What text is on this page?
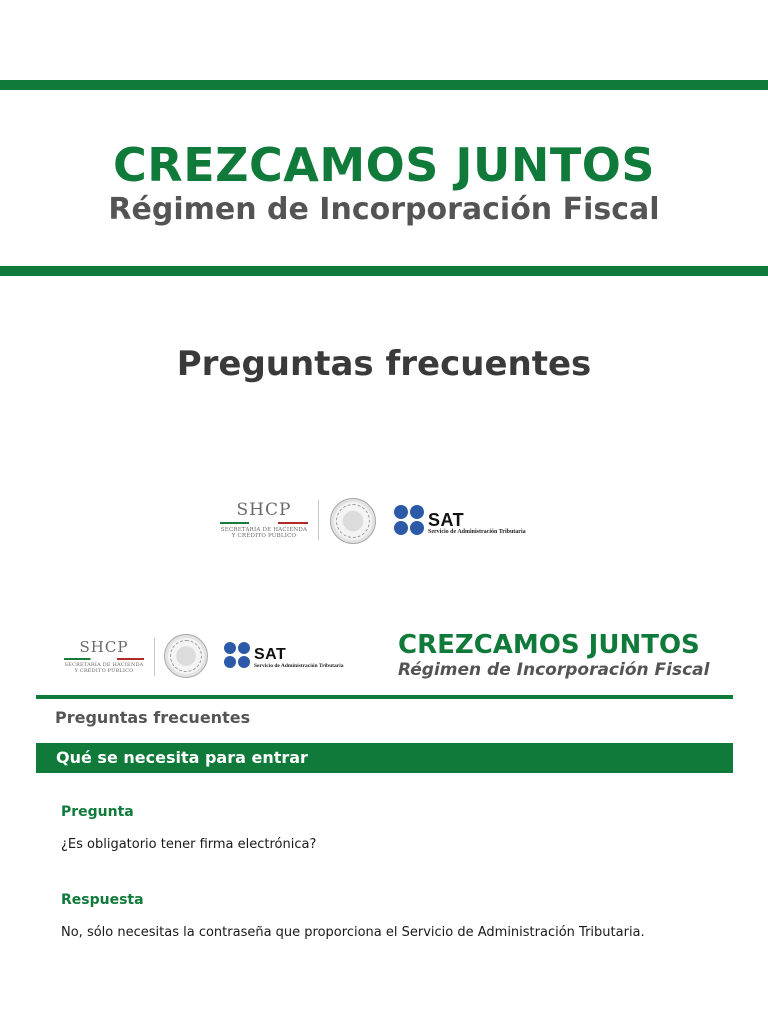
CREZCAMOS JUNTOS
Régimen de Incorporación Fiscal
Preguntas frecuentes
SHCP
SECRETARÍA DE HACIENDA
Y CRÉDITO PÚBLICO
SAT
Servicio de Administración Tributaria
SHCP
SECRETARÍA DE HACIENDA
Y CRÉDITO PÚBLICO
SAT
Servicio de Administración Tributaria
CREZCAMOS JUNTOS
Régimen de Incorporación Fiscal
Preguntas frecuentes
Qué se necesita para entrar
Pregunta
¿Es obligatorio tener firma electrónica?
Respuesta
No, sólo necesitas la contraseña que proporciona el Servicio de Administración Tributaria.
